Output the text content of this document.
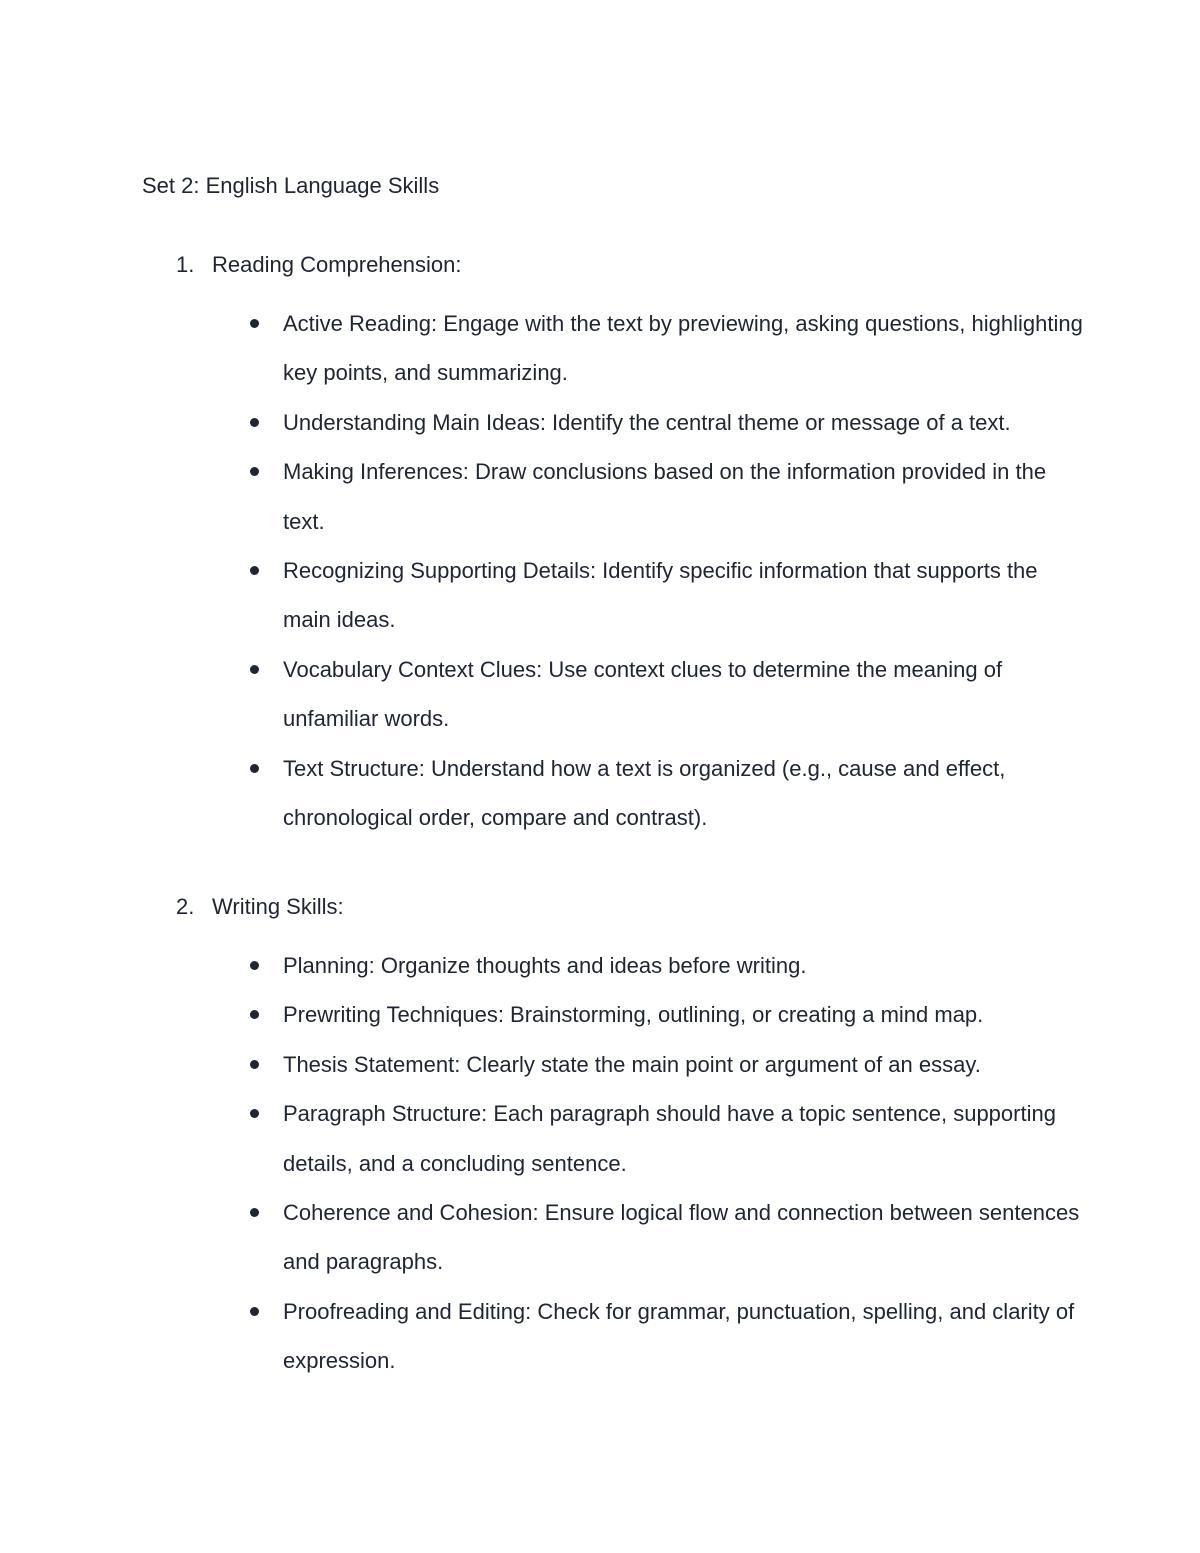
Set 2: English Language Skills
1. Reading Comprehension:
Active Reading: Engage with the text by previewing, asking questions, highlighting key points, and summarizing.
Understanding Main Ideas: Identify the central theme or message of a text.
Making Inferences: Draw conclusions based on the information provided in the text.
Recognizing Supporting Details: Identify specific information that supports the main ideas.
Vocabulary Context Clues: Use context clues to determine the meaning of unfamiliar words.
Text Structure: Understand how a text is organized (e.g., cause and effect, chronological order, compare and contrast).
2. Writing Skills:
Planning: Organize thoughts and ideas before writing.
Prewriting Techniques: Brainstorming, outlining, or creating a mind map.
Thesis Statement: Clearly state the main point or argument of an essay.
Paragraph Structure: Each paragraph should have a topic sentence, supporting details, and a concluding sentence.
Coherence and Cohesion: Ensure logical flow and connection between sentences and paragraphs.
Proofreading and Editing: Check for grammar, punctuation, spelling, and clarity of expression.
